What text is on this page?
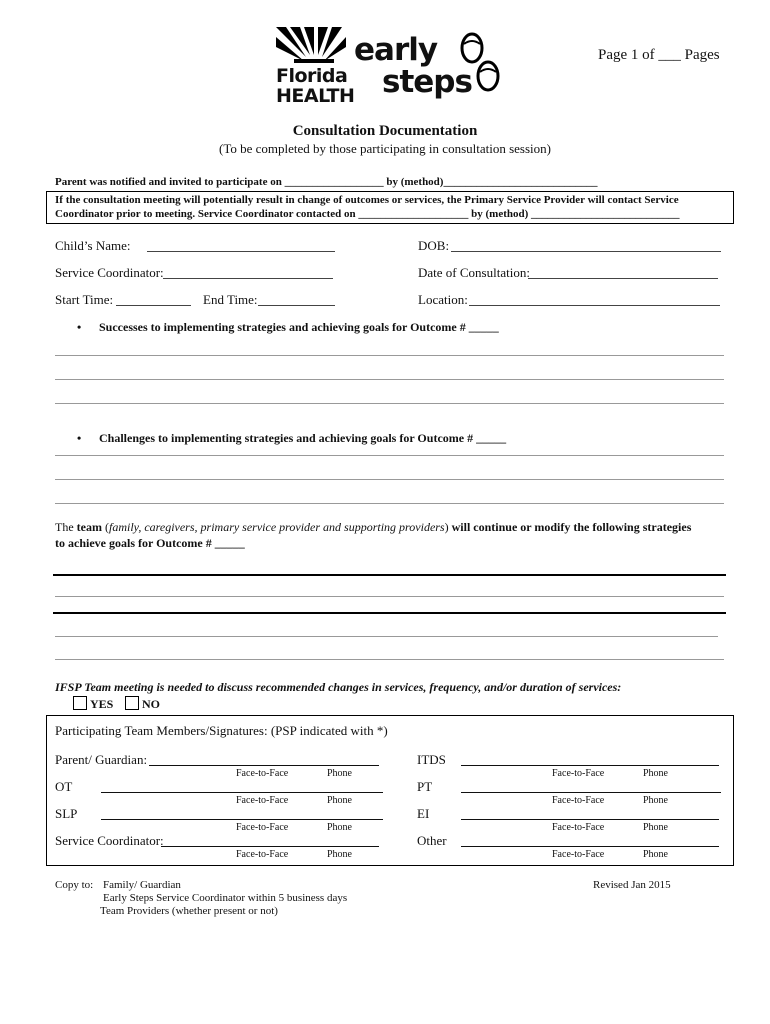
Florida
HEALTH
early
steps
Page 1 of ___ Pages
Consultation Documentation
(To be completed by those participating in consultation session)
Parent was notified and invited to participate on __________________ by (method)____________________________
If the consultation meeting will potentially result in change of outcomes or services, the Primary Service Provider will contact Service
Coordinator prior to meeting. Service Coordinator contacted on ____________________ by (method) ___________________________
Child’s Name:	DOB:
Service Coordinator:	Date of Consultation:
Start Time:	End Time:	Location:
• Successes to implementing strategies and achieving goals for Outcome # _____
• Challenges to implementing strategies and achieving goals for Outcome # _____
The team (family, caregivers, primary service provider and supporting providers) will continue or modify the following strategies
to achieve goals for Outcome # _____
IFSP Team meeting is needed to discuss recommended changes in services, frequency, and/or duration of services:
YES	NO
Participating Team Members/Signatures: (PSP indicated with *)
Parent/ Guardian:
Face-to-Face	Phone
OT
Face-to-Face	Phone
SLP
Face-to-Face	Phone
Service Coordinator:
Face-to-Face	Phone
ITDS
Face-to-Face	Phone
PT
Face-to-Face	Phone
EI
Face-to-Face	Phone
Other
Face-to-Face	Phone
Copy to: Family/ Guardian
Early Steps Service Coordinator within 5 business days
Team Providers (whether present or not)
Revised Jan 2015
